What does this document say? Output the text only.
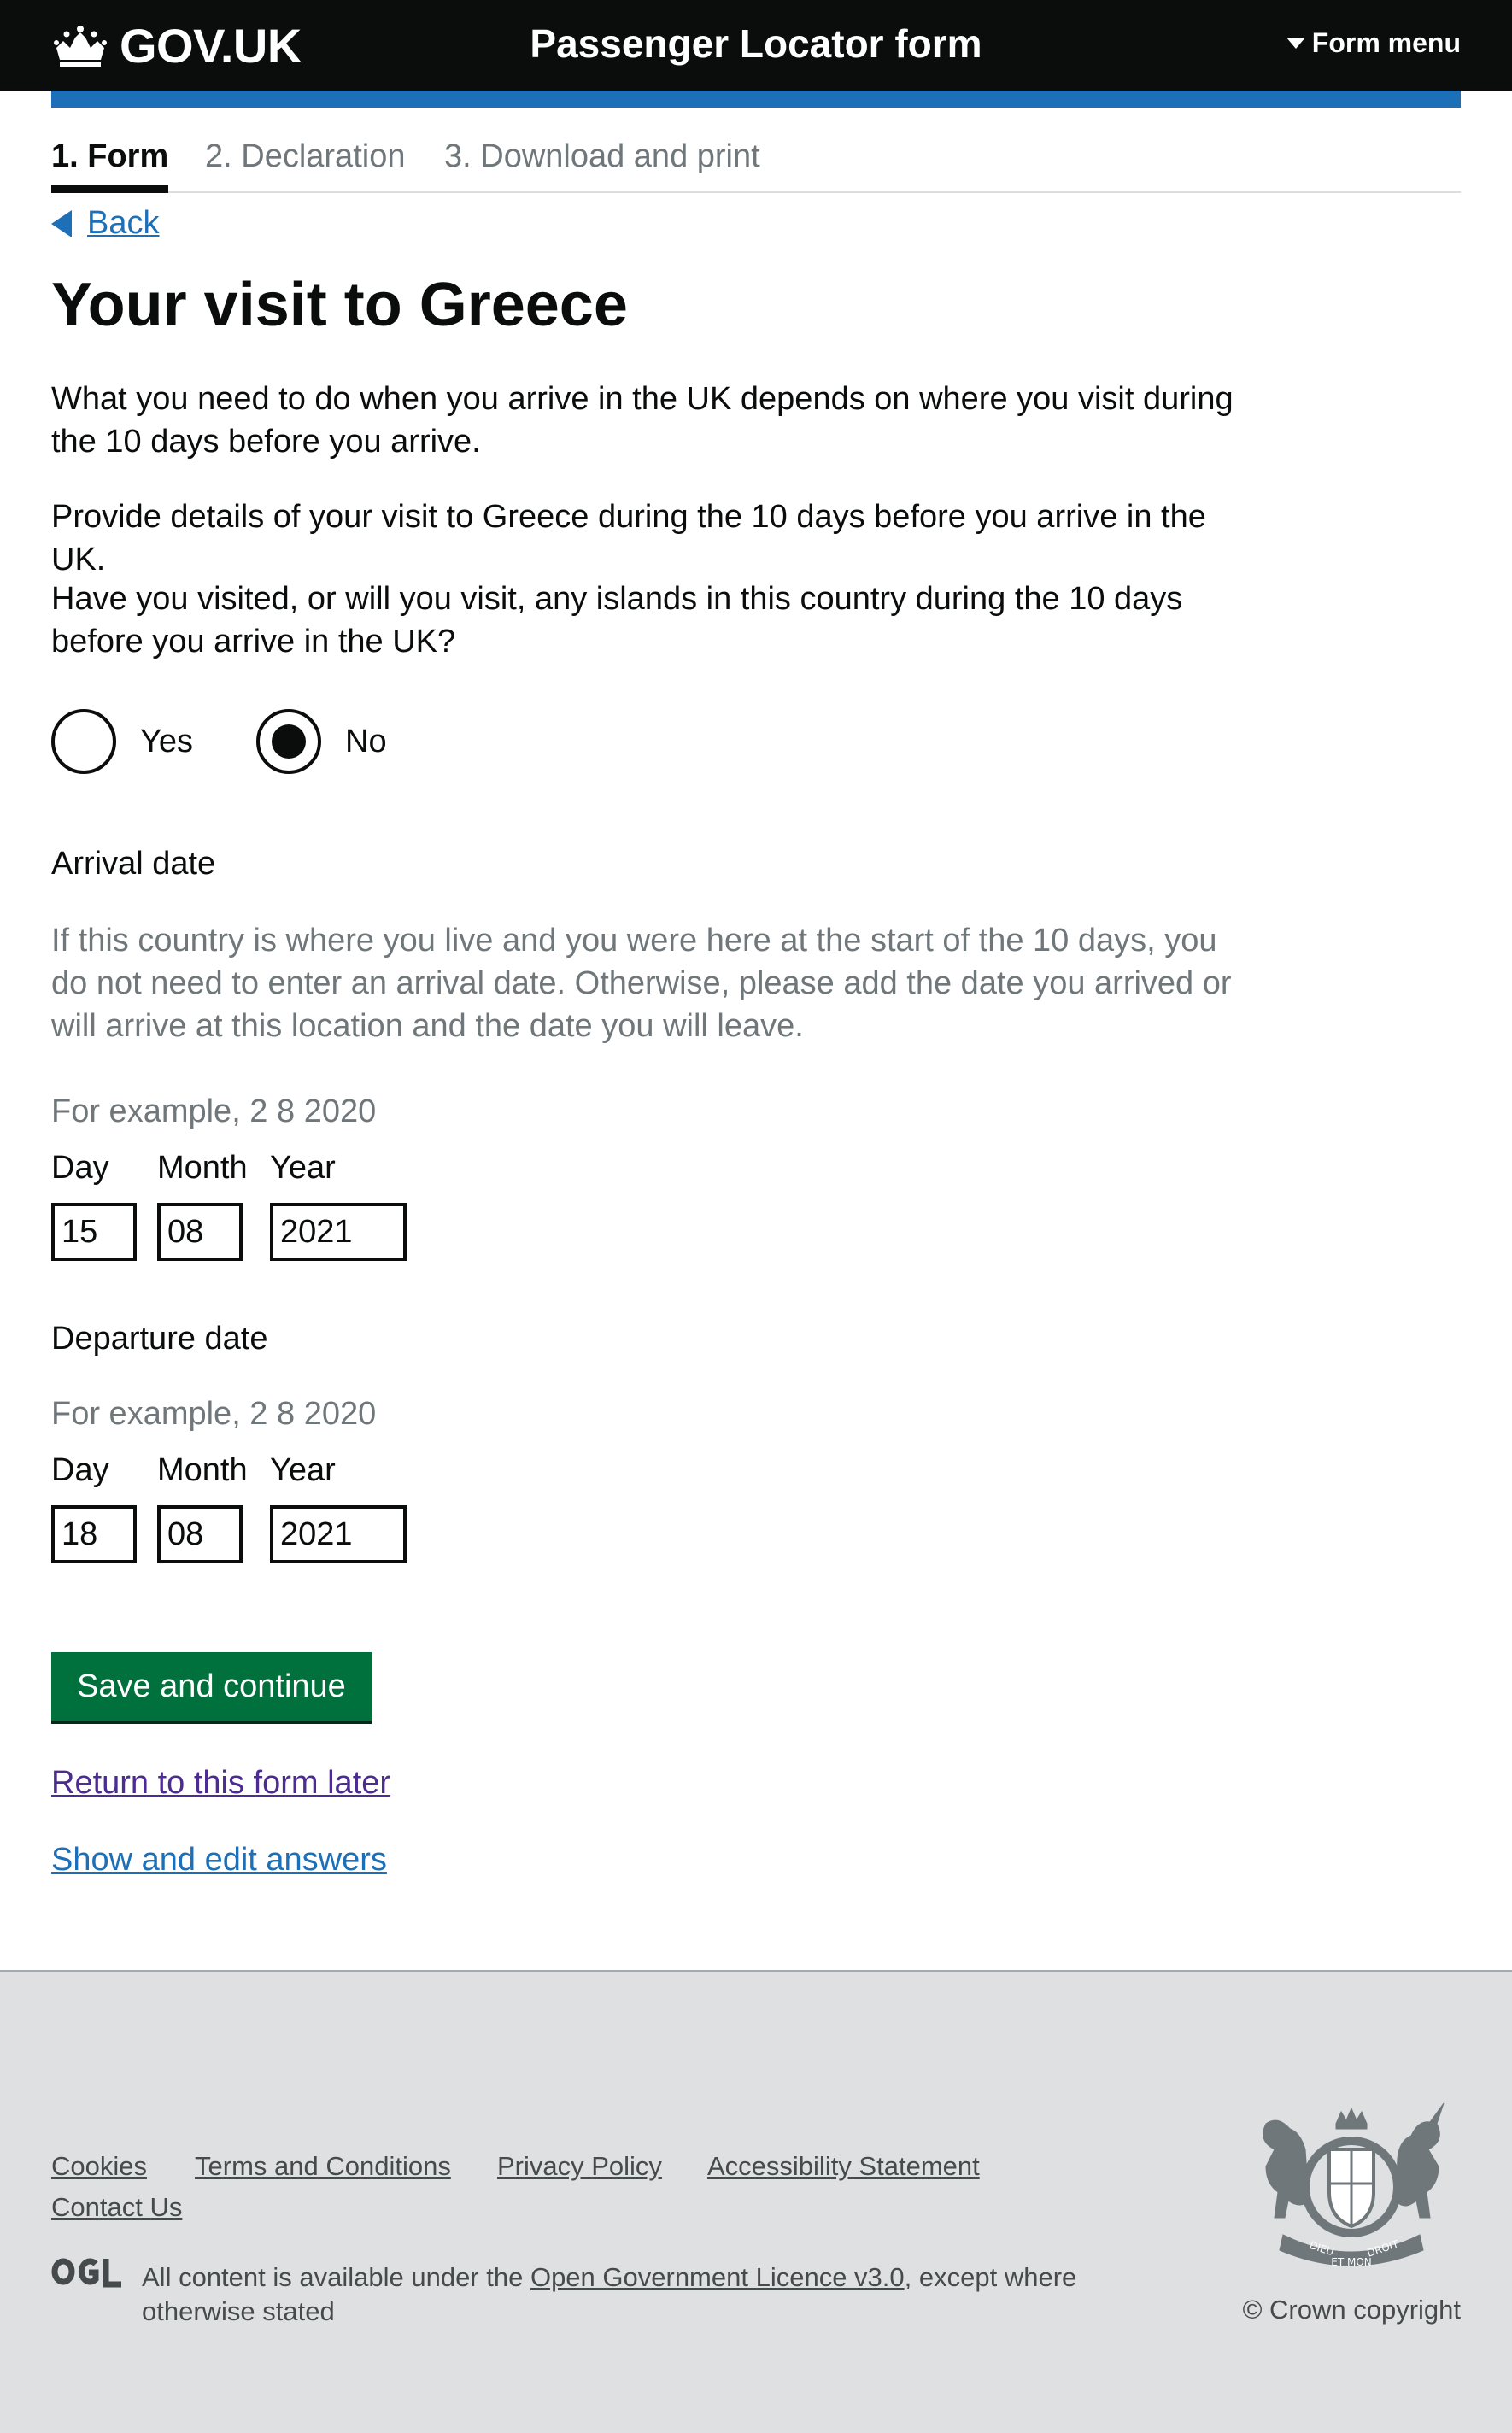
GOV.UK	Passenger Locator form	Form menu
1. Form 2. Declaration 3. Download and print
Back
Your visit to Greece

What you need to do when you arrive in the UK depends on where you visit during the 10 days before you arrive.

Provide details of your visit to Greece during the 10 days before you arrive in the UK.

Have you visited, or will you visit, any islands in this country during the 10 days before you arrive in the UK?

Yes	No
Arrival date

If this country is where you live and you were here at the start of the 10 days, you do not need to enter an arrival date. Otherwise, please add the date you arrived or will arrive at this location and the date you will leave.

For example, 2 8 2020
Day Month Year
15
08
2021
Departure date
For example, 2 8 2020
Day Month Year
18
08
2021
Save and continue
Return to this form later
Show and edit answers
Cookies Terms and Conditions Privacy Policy Accessibility Statement
Contact Us
All content is available under the Open Government Licence v3.0, except where otherwise stated
DIEU
ET MON
DROIT
© Crown copyright
